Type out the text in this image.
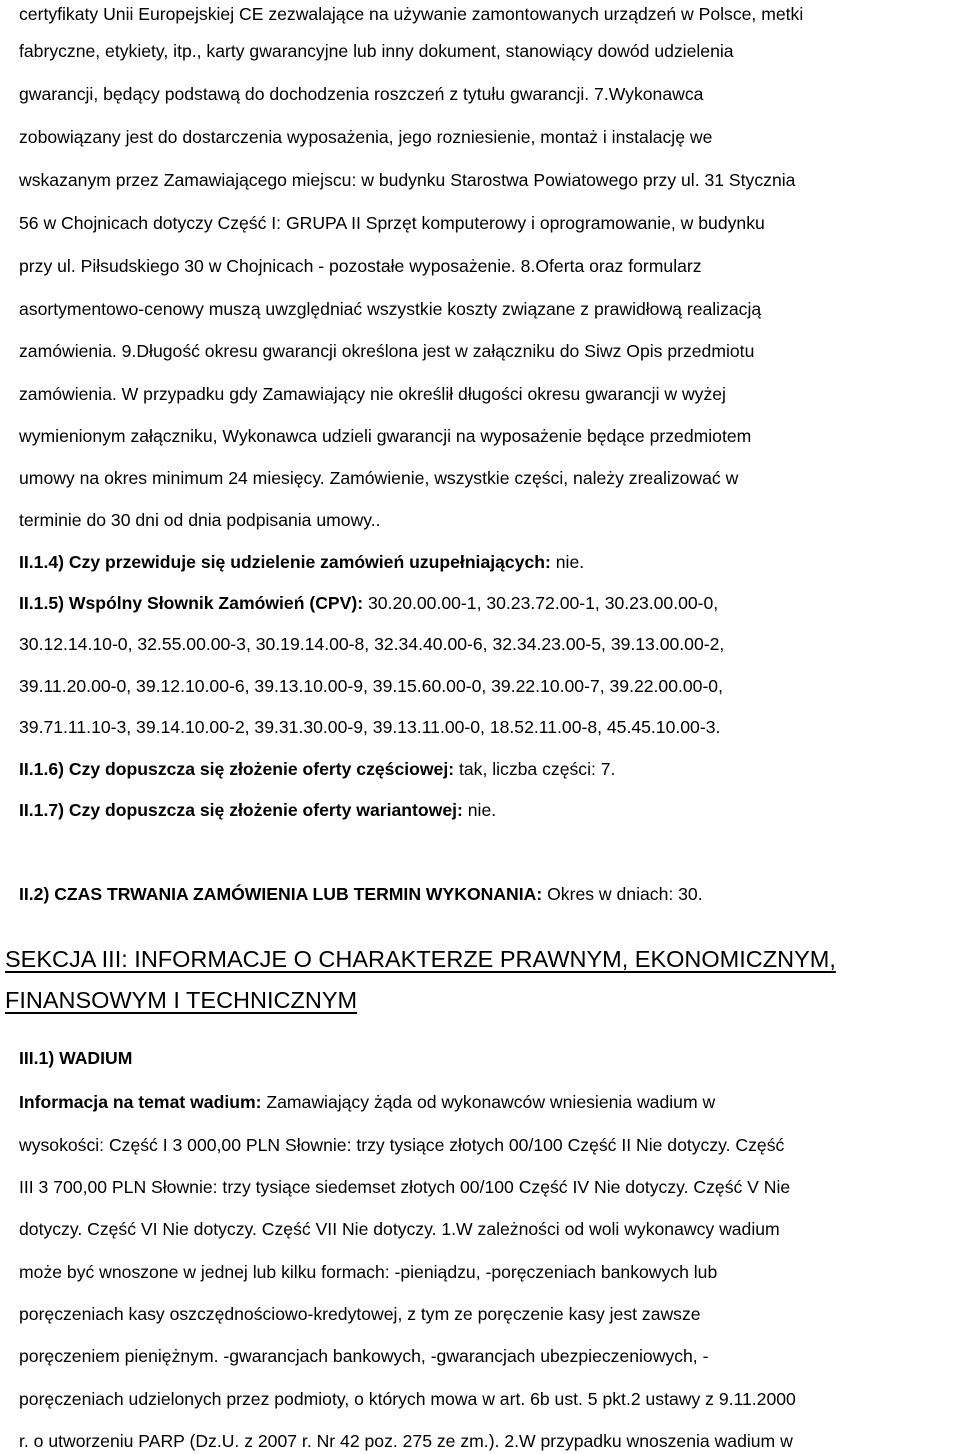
certyfikaty Unii Europejskiej CE zezwalające na używanie zamontowanych urządzeń w Polsce, metki
fabryczne, etykiety, itp., karty gwarancyjne lub inny dokument, stanowiący dowód udzielenia
gwarancji, będący podstawą do dochodzenia roszczeń z tytułu gwarancji. 7.Wykonawca
zobowiązany jest do dostarczenia wyposażenia, jego rozniesienie, montaż i instalację we
wskazanym przez Zamawiającego miejscu: w budynku Starostwa Powiatowego przy ul. 31 Stycznia
56 w Chojnicach dotyczy Część I: GRUPA II Sprzęt komputerowy i oprogramowanie, w budynku
przy ul. Piłsudskiego 30 w Chojnicach - pozostałe wyposażenie. 8.Oferta oraz formularz
asortymentowo-cenowy muszą uwzględniać wszystkie koszty związane z prawidłową realizacją
zamówienia. 9.Długość okresu gwarancji określona jest w załączniku do Siwz Opis przedmiotu
zamówienia. W przypadku gdy Zamawiający nie określił długości okresu gwarancji w wyżej
wymienionym załączniku, Wykonawca udzieli gwarancji na wyposażenie będące przedmiotem
umowy na okres minimum 24 miesięcy. Zamówienie, wszystkie części, należy zrealizować w
terminie do 30 dni od dnia podpisania umowy..
II.1.4) Czy przewiduje się udzielenie zamówień uzupełniających: nie.
II.1.5) Wspólny Słownik Zamówień (CPV): 30.20.00.00-1, 30.23.72.00-1, 30.23.00.00-0,
30.12.14.10-0, 32.55.00.00-3, 30.19.14.00-8, 32.34.40.00-6, 32.34.23.00-5, 39.13.00.00-2,
39.11.20.00-0, 39.12.10.00-6, 39.13.10.00-9, 39.15.60.00-0, 39.22.10.00-7, 39.22.00.00-0,
39.71.11.10-3, 39.14.10.00-2, 39.31.30.00-9, 39.13.11.00-0, 18.52.11.00-8, 45.45.10.00-3.
II.1.6) Czy dopuszcza się złożenie oferty częściowej: tak, liczba części: 7.
II.1.7) Czy dopuszcza się złożenie oferty wariantowej: nie.
II.2) CZAS TRWANIA ZAMÓWIENIA LUB TERMIN WYKONANIA: Okres w dniach: 30.
SEKCJA III: INFORMACJE O CHARAKTERZE PRAWNYM, EKONOMICZNYM,
FINANSOWYM I TECHNICZNYM
III.1) WADIUM
Informacja na temat wadium: Zamawiający żąda od wykonawców wniesienia wadium w
wysokości: Część I 3 000,00 PLN Słownie: trzy tysiące złotych 00/100 Część II Nie dotyczy. Część
III 3 700,00 PLN Słownie: trzy tysiące siedemset złotych 00/100 Część IV Nie dotyczy. Część V Nie
dotyczy. Część VI Nie dotyczy. Część VII Nie dotyczy. 1.W zależności od woli wykonawcy wadium
może być wnoszone w jednej lub kilku formach: -pieniądzu, -poręczeniach bankowych lub
poręczeniach kasy oszczędnościowo-kredytowej, z tym ze poręczenie kasy jest zawsze
poręczeniem pieniężnym. -gwarancjach bankowych, -gwarancjach ubezpieczeniowych, -
poręczeniach udzielonych przez podmioty, o których mowa w art. 6b ust. 5 pkt.2 ustawy z 9.11.2000
r. o utworzeniu PARP (Dz.U. z 2007 r. Nr 42 poz. 275 ze zm.). 2.W przypadku wnoszenia wadium w
